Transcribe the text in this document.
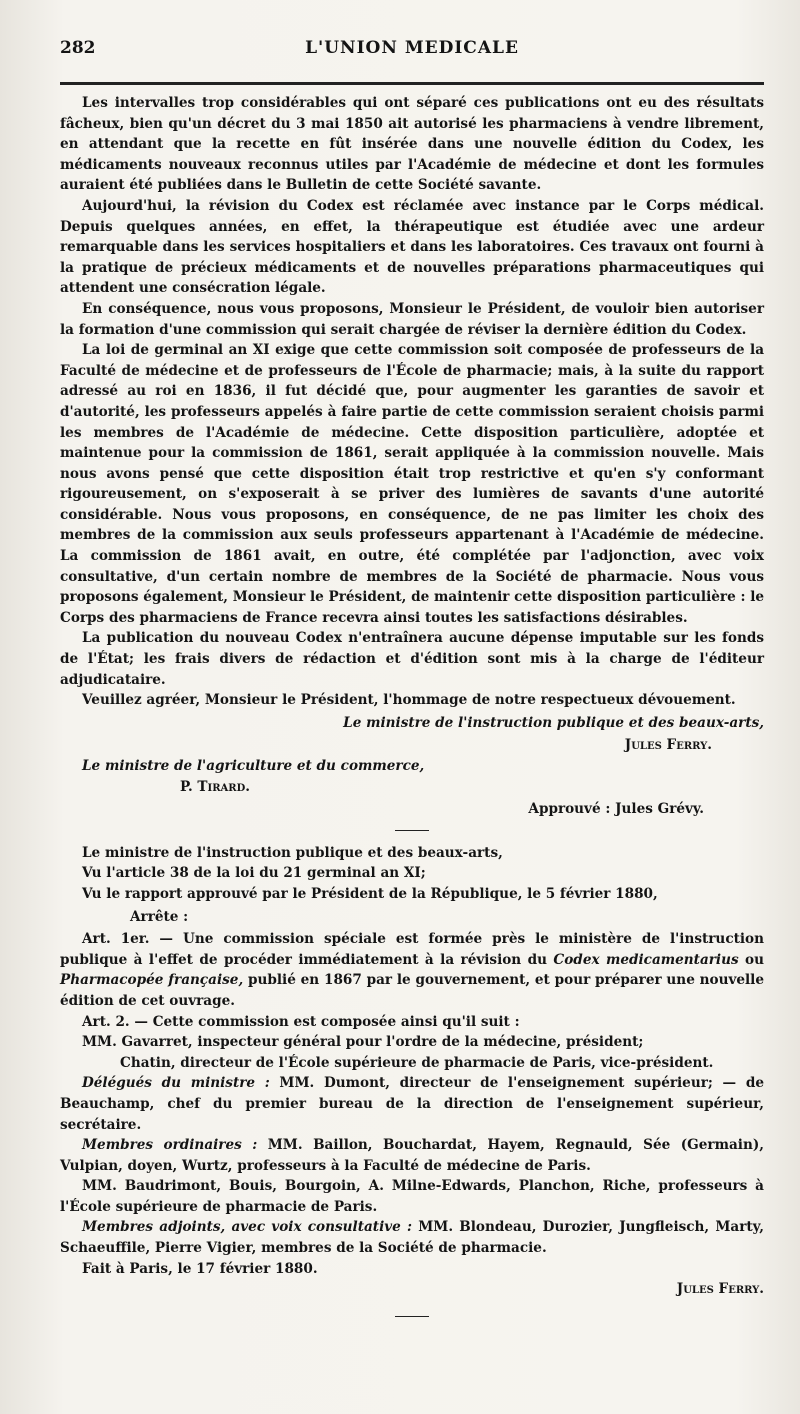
282	L'UNION MEDICALE

Les intervalles trop considérables qui ont séparé ces publications ont eu des résultats fâcheux, bien qu'un décret du 3 mai 1850 ait autorisé les pharmaciens à vendre librement, en attendant que la recette en fût insérée dans une nouvelle édition du Codex, les médicaments nouveaux reconnus utiles par l'Académie de médecine et dont les formules auraient été publiées dans le Bulletin de cette Société savante.

Aujourd'hui, la révision du Codex est réclamée avec instance par le Corps médical. Depuis quelques années, en effet, la thérapeutique est étudiée avec une ardeur remarquable dans les services hospitaliers et dans les laboratoires. Ces travaux ont fourni à la pratique de précieux médicaments et de nouvelles préparations pharmaceutiques qui attendent une consécration légale.

En conséquence, nous vous proposons, Monsieur le Président, de vouloir bien autoriser la formation d'une commission qui serait chargée de réviser la dernière édition du Codex.

La loi de germinal an XI exige que cette commission soit composée de professeurs de la Faculté de médecine et de professeurs de l'École de pharmacie; mais, à la suite du rapport adressé au roi en 1836, il fut décidé que, pour augmenter les garanties de savoir et d'autorité, les professeurs appelés à faire partie de cette commission seraient choisis parmi les membres de l'Académie de médecine. Cette disposition particulière, adoptée et maintenue pour la commission de 1861, serait appliquée à la commission nouvelle. Mais nous avons pensé que cette disposition était trop restrictive et qu'en s'y conformant rigoureusement, on s'exposerait à se priver des lumières de savants d'une autorité considérable. Nous vous proposons, en conséquence, de ne pas limiter les choix des membres de la commission aux seuls professeurs appartenant à l'Académie de médecine. La commission de 1861 avait, en outre, été complétée par l'adjonction, avec voix consultative, d'un certain nombre de membres de la Société de pharmacie. Nous vous proposons également, Monsieur le Président, de maintenir cette disposition particulière : le Corps des pharmaciens de France recevra ainsi toutes les satisfactions désirables.

La publication du nouveau Codex n'entraînera aucune dépense imputable sur les fonds de l'État; les frais divers de rédaction et d'édition sont mis à la charge de l'éditeur adjudicataire.

Veuillez agréer, Monsieur le Président, l'hommage de notre respectueux dévouement.

Le ministre de l'instruction publique et des beaux-arts,
Jules Ferry.
Le ministre de l'agriculture et du commerce,
P. Tirard.
Approuvé : Jules Grévy.

Le ministre de l'instruction publique et des beaux-arts,

Vu l'article 38 de la loi du 21 germinal an XI;

Vu le rapport approuvé par le Président de la République, le 5 février 1880,

Arrête :

Art. 1er. — Une commission spéciale est formée près le ministère de l'instruction publique à l'effet de procéder immédiatement à la révision du Codex medicamentarius ou Pharmacopée française, publié en 1867 par le gouvernement, et pour préparer une nouvelle édition de cet ouvrage.

Art. 2. — Cette commission est composée ainsi qu'il suit :

MM. Gavarret, inspecteur général pour l'ordre de la médecine, président;

Chatin, directeur de l'École supérieure de pharmacie de Paris, vice-président.

Délégués du ministre : MM. Dumont, directeur de l'enseignement supérieur; — de Beauchamp, chef du premier bureau de la direction de l'enseignement supérieur, secrétaire.

Membres ordinaires : MM. Baillon, Bouchardat, Hayem, Regnauld, Sée (Germain), Vulpian, doyen, Wurtz, professeurs à la Faculté de médecine de Paris.

MM. Baudrimont, Bouis, Bourgoin, A. Milne-Edwards, Planchon, Riche, professeurs à l'École supérieure de pharmacie de Paris.

Membres adjoints, avec voix consultative : MM. Blondeau, Durozier, Jungfleisch, Marty, Schaeuffile, Pierre Vigier, membres de la Société de pharmacie.

Fait à Paris, le 17 février 1880.

Jules Ferry.
